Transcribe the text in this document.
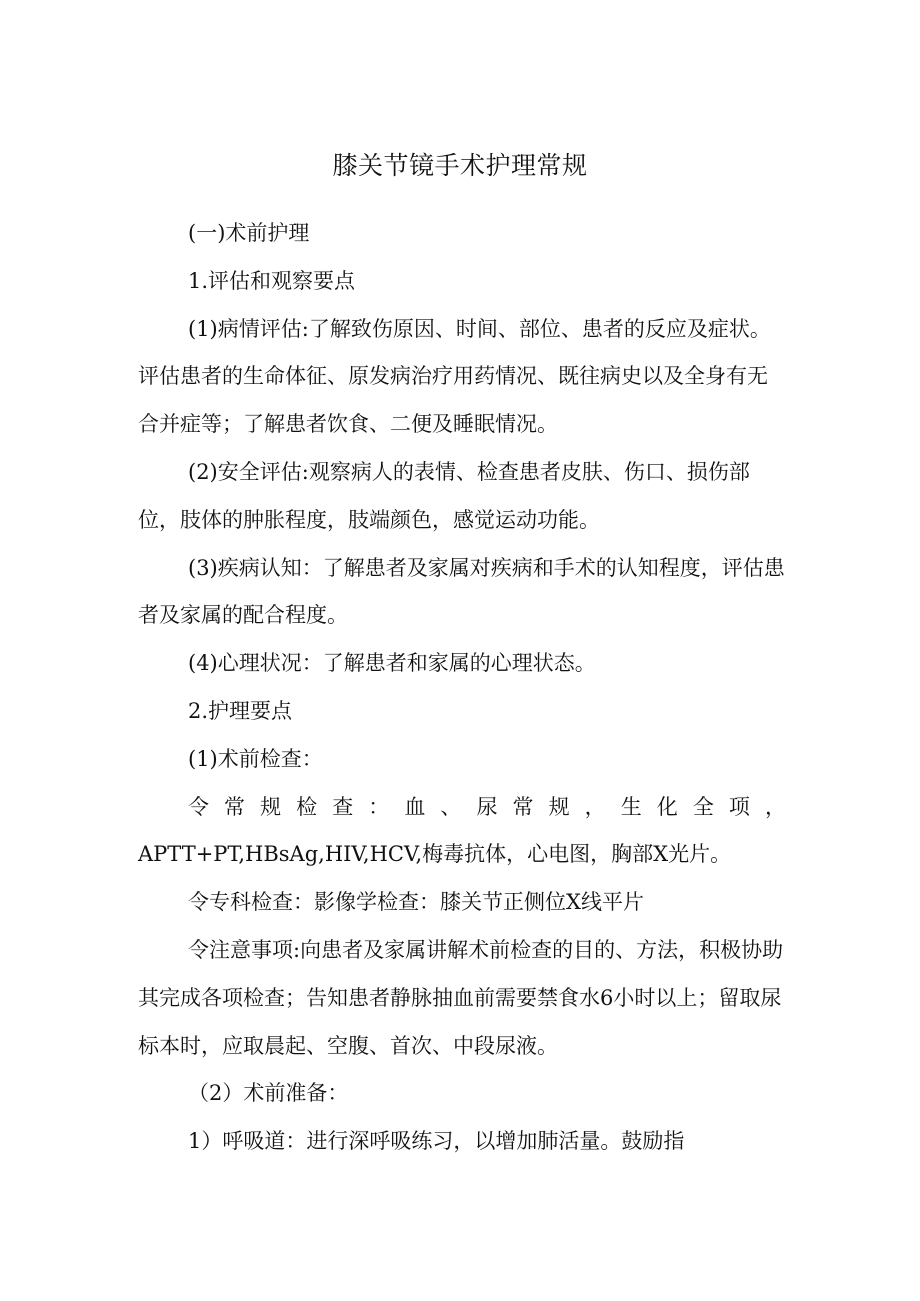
膝关节镜手术护理常规

(一)术前护理

1.评估和观察要点

(1)病情评估:了解致伤原因、时间、部位、患者的反应及症状。评估患者的生命体征、原发病治疗用药情况、既往病史以及全身有无合并症等；了解患者饮食、二便及睡眠情况。

(2)安全评估:观察病人的表情、检查患者皮肤、伤口、损伤部位，肢体的肿胀程度，肢端颜色，感觉运动功能。

(3)疾病认知：了解患者及家属对疾病和手术的认知程度，评估患者及家属的配合程度。

(4)心理状况：了解患者和家属的心理状态。

2.护理要点

(1)术前检查：

令常规检查：血、尿常规，生化全项，

APTT+PT,HBsAg,HIV,HCV,梅毒抗体，心电图，胸部X光片。

令专科检查：影像学检查：膝关节正侧位X线平片

令注意事项:向患者及家属讲解术前检查的目的、方法，积极协助其完成各项检查；告知患者静脉抽血前需要禁食水6小时以上；留取尿标本时，应取晨起、空腹、首次、中段尿液。

（2）术前准备：

1）呼吸道：进行深呼吸练习，以增加肺活量。鼓励指
